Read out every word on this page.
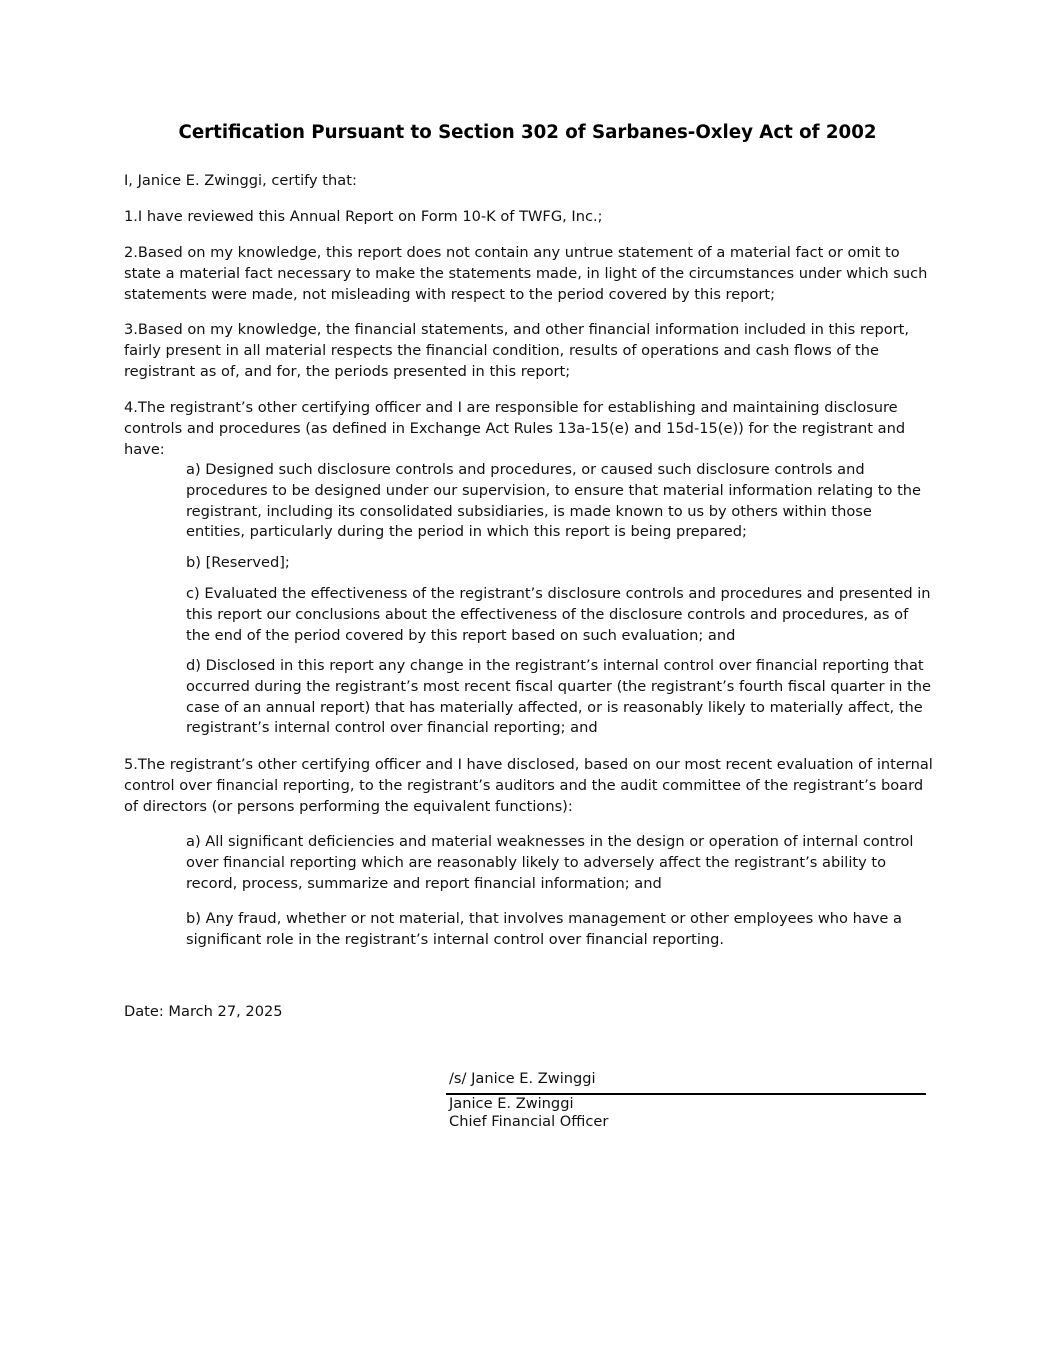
Certification Pursuant to Section 302 of Sarbanes-Oxley Act of 2002

I, Janice E. Zwinggi, certify that:

1.I have reviewed this Annual Report on Form 10-K of TWFG, Inc.;

2.Based on my knowledge, this report does not contain any untrue statement of a material fact or omit to state a material fact necessary to make the statements made, in light of the circumstances under which such statements were made, not misleading with respect to the period covered by this report;

3.Based on my knowledge, the financial statements, and other financial information included in this report, fairly present in all material respects the financial condition, results of operations and cash flows of the registrant as of, and for, the periods presented in this report;

4.The registrant’s other certifying officer and I are responsible for establishing and maintaining disclosure controls and procedures (as defined in Exchange Act Rules 13a-15(e) and 15d-15(e)) for the registrant and have:

a) Designed such disclosure controls and procedures, or caused such disclosure controls and procedures to be designed under our supervision, to ensure that material information relating to the registrant, including its consolidated subsidiaries, is made known to us by others within those entities, particularly during the period in which this report is being prepared;

b) [Reserved];

c) Evaluated the effectiveness of the registrant’s disclosure controls and procedures and presented in this report our conclusions about the effectiveness of the disclosure controls and procedures, as of the end of the period covered by this report based on such evaluation; and

d) Disclosed in this report any change in the registrant’s internal control over financial reporting that occurred during the registrant’s most recent fiscal quarter (the registrant’s fourth fiscal quarter in the case of an annual report) that has materially affected, or is reasonably likely to materially affect, the registrant’s internal control over financial reporting; and

5.The registrant’s other certifying officer and I have disclosed, based on our most recent evaluation of internal control over financial reporting, to the registrant’s auditors and the audit committee of the registrant’s board of directors (or persons performing the equivalent functions):

a) All significant deficiencies and material weaknesses in the design or operation of internal control over financial reporting which are reasonably likely to adversely affect the registrant’s ability to record, process, summarize and report financial information; and

b) Any fraud, whether or not material, that involves management or other employees who have a significant role in the registrant’s internal control over financial reporting.

Date: March 27, 2025

/s/ Janice E. Zwinggi
Janice E. Zwinggi
Chief Financial Officer
